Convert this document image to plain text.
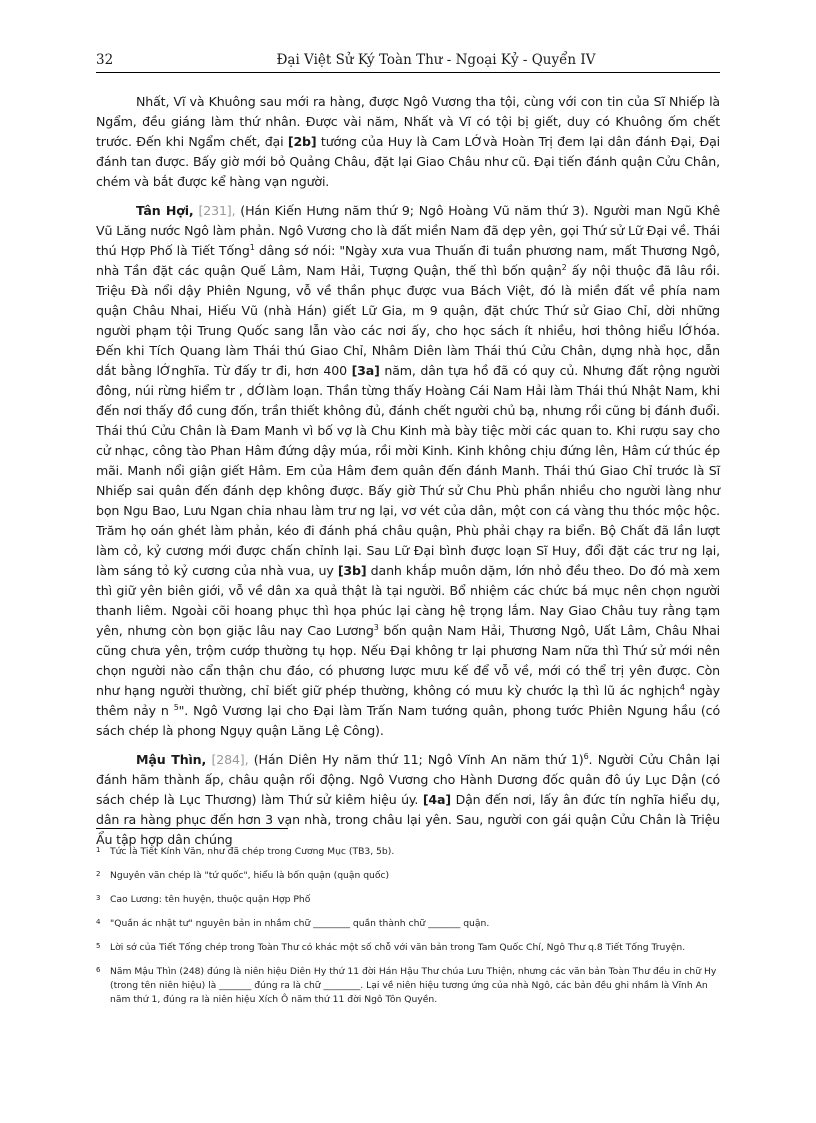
32	Đại Việt Sử Ký Toàn Thư - Ngoại Kỷ - Quyển IV

Nhất, Vĩ và Khuông sau mới ra hàng, được Ngô Vương tha tội, cùng với con tin của Sĩ Nhiếp là Ngẩm, đều giáng làm thứ nhân. Được vài năm, Nhất và Vĩ có tội bị giết, duy có Khuông ốm chết trước. Đến khi Ngẩm chết, đại [2b] tướng của Huy là Cam LỚvà Hoàn Trị đem lại dân đánh Đại, Đại đánh tan được. Bấy giờ mới bỏ Quảng Châu, đặt lại Giao Châu như cũ. Đại tiến đánh quận Cửu Chân, chém và bắt được kể hàng vạn người.

Tân Hợi, [231], (Hán Kiến Hưng năm thứ 9; Ngô Hoàng Vũ năm thứ 3). Người man Ngũ Khê Vũ Lăng nước Ngô làm phản. Ngô Vương cho là đất miền Nam đã dẹp yên, gọi Thứ sử Lữ Đại về. Thái thú Hợp Phố là Tiết Tống$^1$ dâng sớ nói: "Ngày xưa vua Thuấn đi tuần phương nam, mất Thương Ngô, nhà Tần đặt các quận Quế Lâm, Nam Hải, Tượng Quận, thế thì bốn quận$^2$ ấy nội thuộc đã lâu rồi. Triệu Đà nổi dậy Phiên Ngung, vỗ về thần phục được vua Bách Việt, đó là miền đất về phía nam quận Châu Nhai, Hiếu Vũ (nhà Hán) giết Lữ Gia, m 9 quận, đặt chức Thứ sử Giao Chỉ, dời những người phạm tội Trung Quốc sang lẫn vào các nơi ấy, cho học sách ít nhiều, hơi thông hiểu lỚhóa. Đến khi Tích Quang làm Thái thú Giao Chỉ, Nhâm Diên làm Thái thú Cửu Chân, dựng nhà học, dẫn dắt bằng lỚnghĩa. Từ đấy tr đi, hơn 400 [3a] năm, dân tựa hồ đã có quy củ. Nhưng đất rộng người đông, núi rừng hiểm tr , dỚlàm loạn. Thần từng thấy Hoàng Cái Nam Hải làm Thái thú Nhật Nam, khi đến nơi thấy đồ cung đốn, trần thiết không đủ, đánh chết người chủ bạ, nhưng rồi cũng bị đánh đuổi. Thái thú Cửu Chân là Đam Manh vì bố vợ là Chu Kinh mà bày tiệc mời các quan to. Khi rượu say cho cử nhạc, công tào Phan Hâm đứng dậy múa, rồi mời Kinh. Kinh không chịu đứng lên, Hâm cứ thúc ép mãi. Manh nổi giận giết Hâm. Em của Hâm đem quân đến đánh Manh. Thái thú Giao Chỉ trước là Sĩ Nhiếp sai quân đến đánh dẹp không được. Bấy giờ Thứ sử Chu Phù phần nhiều cho người làng như bọn Ngu Bao, Lưu Ngan chia nhau làm trư ng lại, vơ vét của dân, một con cá vàng thu thóc mộc hộc. Trăm họ oán ghét làm phản, kéo đi đánh phá châu quận, Phù phải chạy ra biển. Bộ Chất đã lần lượt làm cỏ, kỷ cương mới được chấn chỉnh lại. Sau Lữ Đại bình được loạn Sĩ Huy, đổi đặt các trư ng lại, làm sáng tỏ kỷ cương của nhà vua, uy [3b] danh khắp muôn dặm, lớn nhỏ đều theo. Do đó mà xem thì giữ yên biên giới, vỗ về dân xa quả thật là tại người. Bổ nhiệm các chức bá mục nên chọn người thanh liêm. Ngoài cõi hoang phục thì họa phúc lại càng hệ trọng lắm. Nay Giao Châu tuy rằng tạm yên, nhưng còn bọn giặc lâu nay Cao Lương$^3$ bốn quận Nam Hải, Thương Ngô, Uất Lâm, Châu Nhai cũng chưa yên, trộm cướp thường tụ họp. Nếu Đại không tr lại phương Nam nữa thì Thứ sử mới nên chọn người nào cẩn thận chu đáo, có phương lược mưu kế để vỗ về, mới có thể trị yên được. Còn như hạng người thường, chỉ biết giữ phép thường, không có mưu kỳ chước lạ thì lũ ác nghịch$^4$ ngày thêm nảy n $^5$". Ngô Vương lại cho Đại làm Trấn Nam tướng quân, phong tước Phiên Ngung hầu (có sách chép là phong Ngụy quận Lăng Lệ Công).

Mậu Thìn, [284], (Hán Diên Hy năm thứ 11; Ngô Vĩnh An năm thứ 1)$^6$. Người Cửu Chân lại đánh hãm thành ấp, châu quận rối động. Ngô Vương cho Hành Dương đốc quân đô úy Lục Dận (có sách chép là Lục Thương) làm Thứ sử kiêm hiệu úy. [4a] Dận đến nơi, lấy ân đức tín nghĩa hiểu dụ, dân ra hàng phục đến hơn 3 vạn nhà, trong châu lại yên. Sau, người con gái quận Cửu Chân là Triệu Ẩu tập hợp dân chúng

1	Tức là Tiết Kính Văn, như đã chép trong Cương Mục (TB3, 5b).
2	Nguyên văn chép là "tứ quốc", hiểu là bốn quận (quận quốc)
3	Cao Lương: tên huyện, thuộc quận Hợp Phố
4	"Quần ác nhật tư" nguyên bản in nhầm chữ ________ quần thành chữ _______ quận.
5	Lời sớ của Tiết Tống chép trong Toàn Thư có khác một số chỗ với văn bản trong Tam Quốc Chí, Ngô Thư q.8 Tiết Tống Truyện.
6	Năm Mậu Thìn (248) đúng là niên hiệu Diên Hy thứ 11 đời Hán Hậu Thư chúa Lưu Thiện, nhưng các văn bản Toàn Thư đều in chữ Hy (trong tên niên hiệu) là _______ đúng ra là chữ ________. Lại về niên hiệu tương ứng của nhà Ngô, các bản đều ghi nhầm là Vĩnh An năm thứ 1, đúng ra là niên hiệu Xích Ô năm thứ 11 đời Ngô Tôn Quyền.
